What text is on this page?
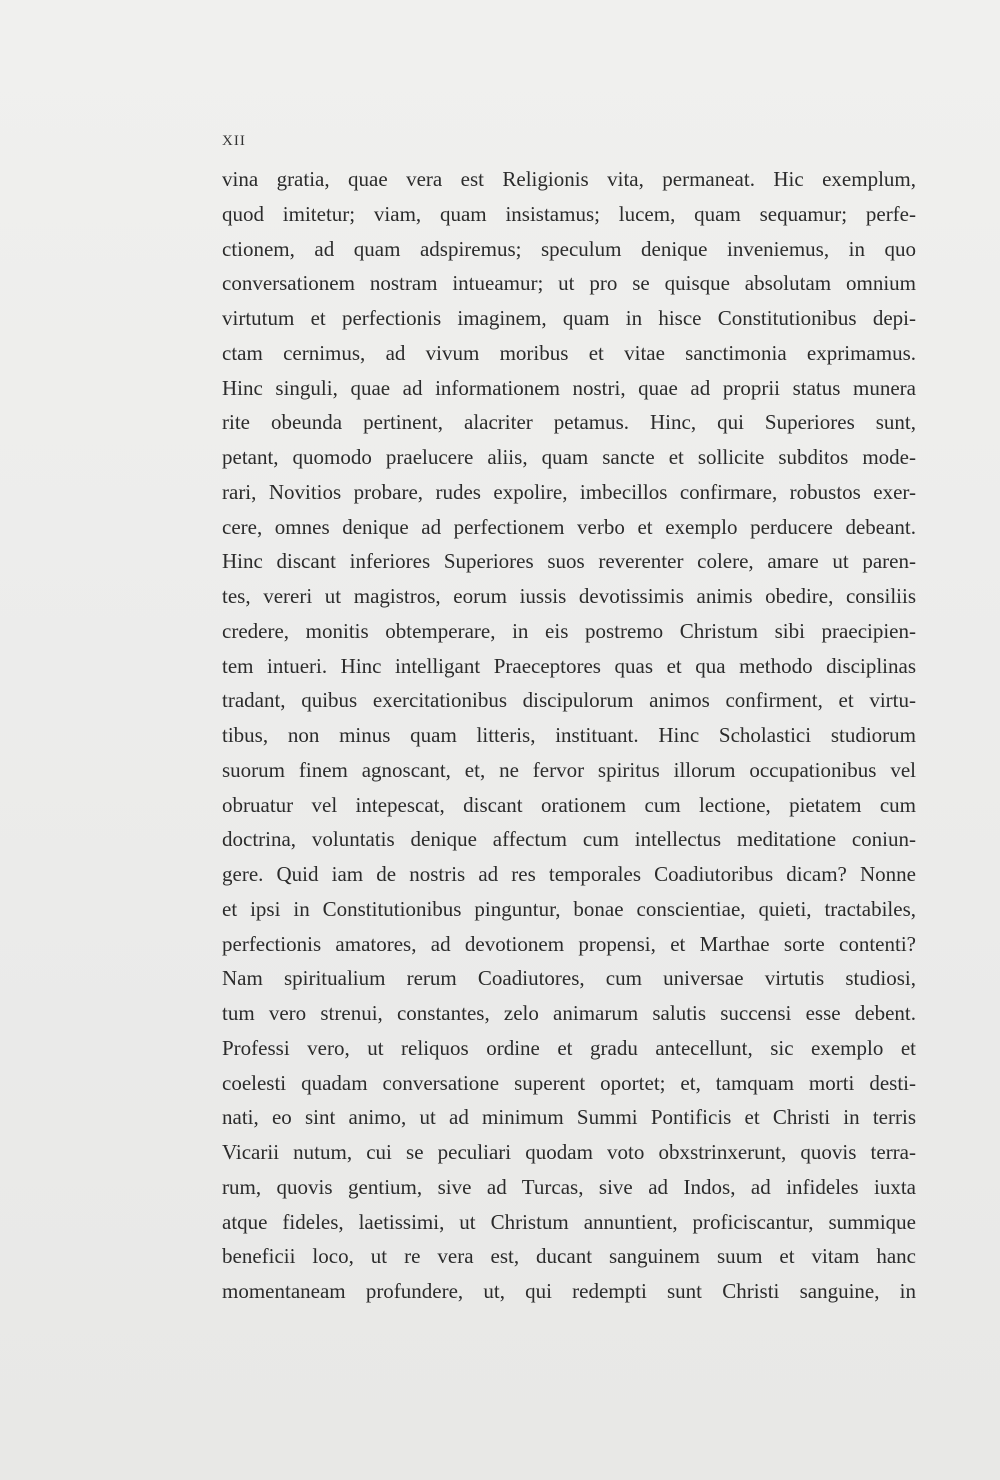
XII
vina gratia, quae vera est Religionis vita, permaneat. Hic exemplum,
quod imitetur; viam, quam insistamus; lucem, quam sequamur; perfe-
ctionem, ad quam adspiremus; speculum denique inveniemus, in quo
conversationem nostram intueamur; ut pro se quisque absolutam omnium
virtutum et perfectionis imaginem, quam in hisce Constitutionibus depi-
ctam cernimus, ad vivum moribus et vitae sanctimonia exprimamus.
Hinc singuli, quae ad informationem nostri, quae ad proprii status munera
rite obeunda pertinent, alacriter petamus. Hinc, qui Superiores sunt,
petant, quomodo praelucere aliis, quam sancte et sollicite subditos mode-
rari, Novitios probare, rudes expolire, imbecillos confirmare, robustos exer-
cere, omnes denique ad perfectionem verbo et exemplo perducere debeant.
Hinc discant inferiores Superiores suos reverenter colere, amare ut paren-
tes, vereri ut magistros, eorum iussis devotissimis animis obedire, consiliis
credere, monitis obtemperare, in eis postremo Christum sibi praecipien-
tem intueri. Hinc intelligant Praeceptores quas et qua methodo disciplinas
tradant, quibus exercitationibus discipulorum animos confirment, et virtu-
tibus, non minus quam litteris, instituant. Hinc Scholastici studiorum
suorum finem agnoscant, et, ne fervor spiritus illorum occupationibus vel
obruatur vel intepescat, discant orationem cum lectione, pietatem cum
doctrina, voluntatis denique affectum cum intellectus meditatione coniun-
gere. Quid iam de nostris ad res temporales Coadiutoribus dicam? Nonne
et ipsi in Constitutionibus pinguntur, bonae conscientiae, quieti, tractabiles,
perfectionis amatores, ad devotionem propensi, et Marthae sorte contenti?
Nam spiritualium rerum Coadiutores, cum universae virtutis studiosi,
tum vero strenui, constantes, zelo animarum salutis succensi esse debent.
Professi vero, ut reliquos ordine et gradu antecellunt, sic exemplo et
coelesti quadam conversatione superent oportet; et, tamquam morti desti-
nati, eo sint animo, ut ad minimum Summi Pontificis et Christi in terris
Vicarii nutum, cui se peculiari quodam voto obxstrinxerunt, quovis terra-
rum, quovis gentium, sive ad Turcas, sive ad Indos, ad infideles iuxta
atque fideles, laetissimi, ut Christum annuntient, proficiscantur, summique
beneficii loco, ut re vera est, ducant sanguinem suum et vitam hanc
momentaneam profundere, ut, qui redempti sunt Christi sanguine, in
